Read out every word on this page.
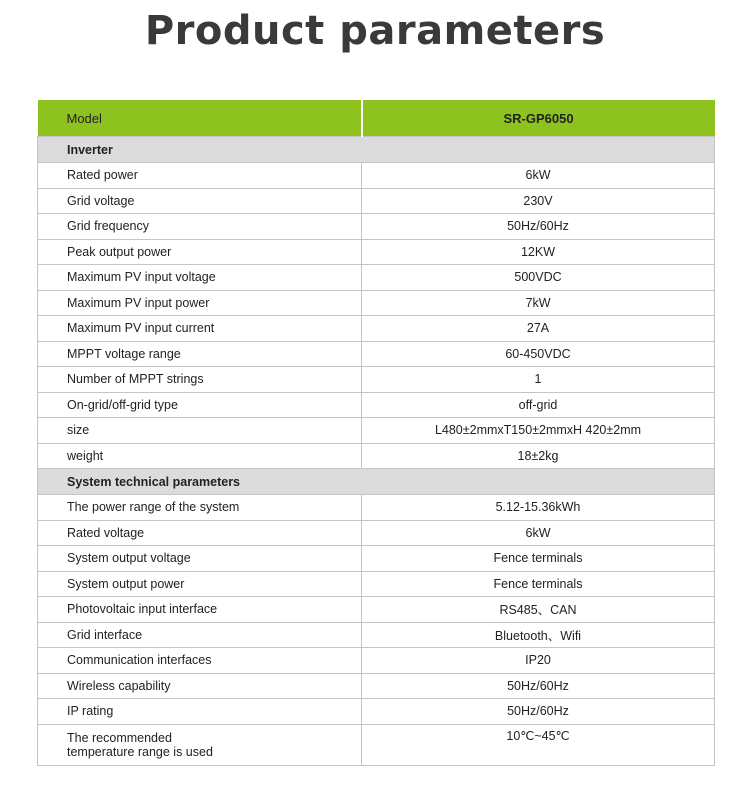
Product parameters
Model	SR-GP6050
Inverter	
Rated power	6kW
Grid voltage	230V
Grid frequency	50Hz/60Hz
Peak output power	12KW
Maximum PV input voltage	500VDC
Maximum PV input power	7kW
Maximum PV input current	27A
MPPT voltage range	60-450VDC
Number of MPPT strings	1
On-grid/off-grid type	off-grid
size	L480±2mmxT150±2mmxH 420±2mm
weight	18±2kg
System technical parameters	
The power range of the system	5.12-15.36kWh
Rated voltage	6kW
System output voltage	Fence terminals
System output power	Fence terminals
Photovoltaic input interface	RS485、CAN
Grid interface	Bluetooth、Wifi
Communication interfaces	IP20
Wireless capability	50Hz/60Hz
IP rating	50Hz/60Hz
The recommended
temperature range is used	10℃~45℃
